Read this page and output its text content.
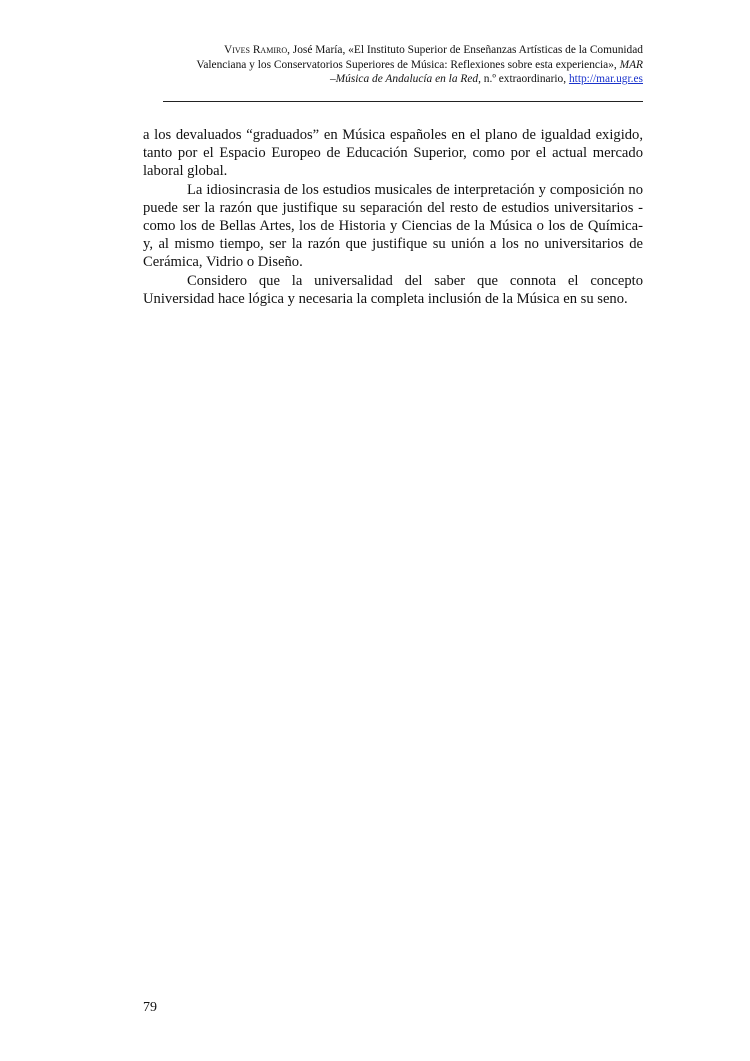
Vives Ramiro, José María, «El Instituto Superior de Enseñanzas Artísticas de la Comunidad
Valenciana y los Conservatorios Superiores de Música: Reflexiones sobre esta experiencia», MAR
–Música de Andalucía en la Red, n.º extraordinario, http://mar.ugr.es

a los devaluados “graduados” en Música españoles en el plano de igualdad exigido, tanto por el Espacio Europeo de Educación Superior, como por el actual mercado laboral global.

La idiosincrasia de los estudios musicales de interpretación y composición no puede ser la razón que justifique su separación del resto de estudios universitarios -como los de Bellas Artes, los de Historia y Ciencias de la Música o los de Química- y, al mismo tiempo, ser la razón que justifique su unión a los no universitarios de Cerámica, Vidrio o Diseño.

Considero que la universalidad del saber que connota el concepto Universidad hace lógica y necesaria la completa inclusión de la Música en su seno.

79
